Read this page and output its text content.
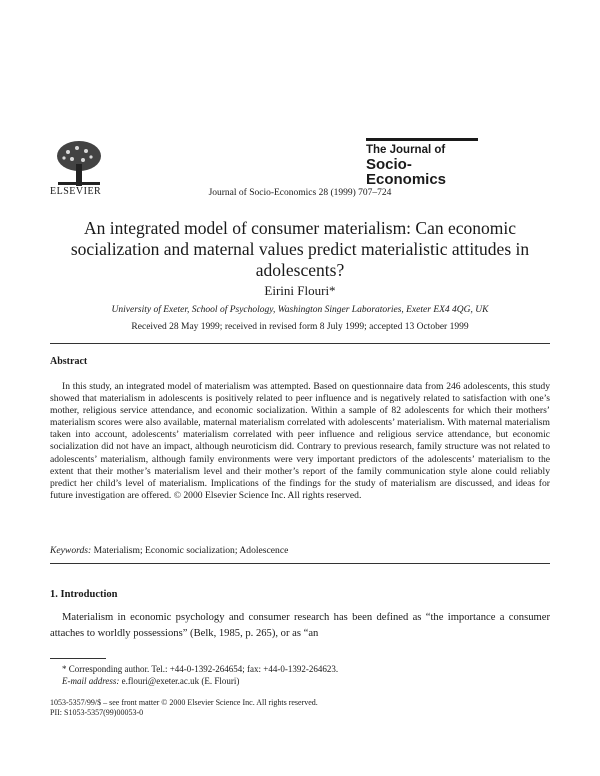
ELSEVIER	Journal of Socio-Economics 28 (1999) 707–724
The Journal of
Socio-
Economics
An integrated model of consumer materialism: Can economic socialization and maternal values predict materialistic attitudes in adolescents?
Eirini Flouri*
University of Exeter, School of Psychology, Washington Singer Laboratories, Exeter EX4 4QG, UK
Received 28 May 1999; received in revised form 8 July 1999; accepted 13 October 1999
Abstract

In this study, an integrated model of materialism was attempted. Based on questionnaire data from 246 adolescents, this study showed that materialism in adolescents is positively related to peer influence and is negatively related to satisfaction with one’s mother, religious service attendance, and economic socialization. Within a sample of 82 adolescents for which their mothers’ materialism scores were also available, maternal materialism correlated with adolescents’ materialism. With maternal materialism taken into account, adolescents’ materialism correlated with peer influence and religious service attendance, but economic socialization did not have an impact, although neuroticism did. Contrary to previous research, family structure was not related to adolescents’ materialism, although family environments were very important predictors of the adolescents’ materialism to the extent that their mother’s materialism level and their mother’s report of the family communication style alone could reliably predict her child’s level of materialism. Implications of the findings for the study of materialism are discussed, and ideas for future investigation are offered. © 2000 Elsevier Science Inc. All rights reserved.

Keywords: Materialism; Economic socialization; Adolescence
1. Introduction

Materialism in economic psychology and consumer research has been defined as “the importance a consumer attaches to worldly possessions” (Belk, 1985, p. 265), or as “an

* Corresponding author. Tel.: +44-0-1392-264654; fax: +44-0-1392-264623.
E-mail address: e.flouri@exeter.ac.uk (E. Flouri)
1053-5357/99/$ – see front matter © 2000 Elsevier Science Inc. All rights reserved.
PII: S1053-5357(99)00053-0
